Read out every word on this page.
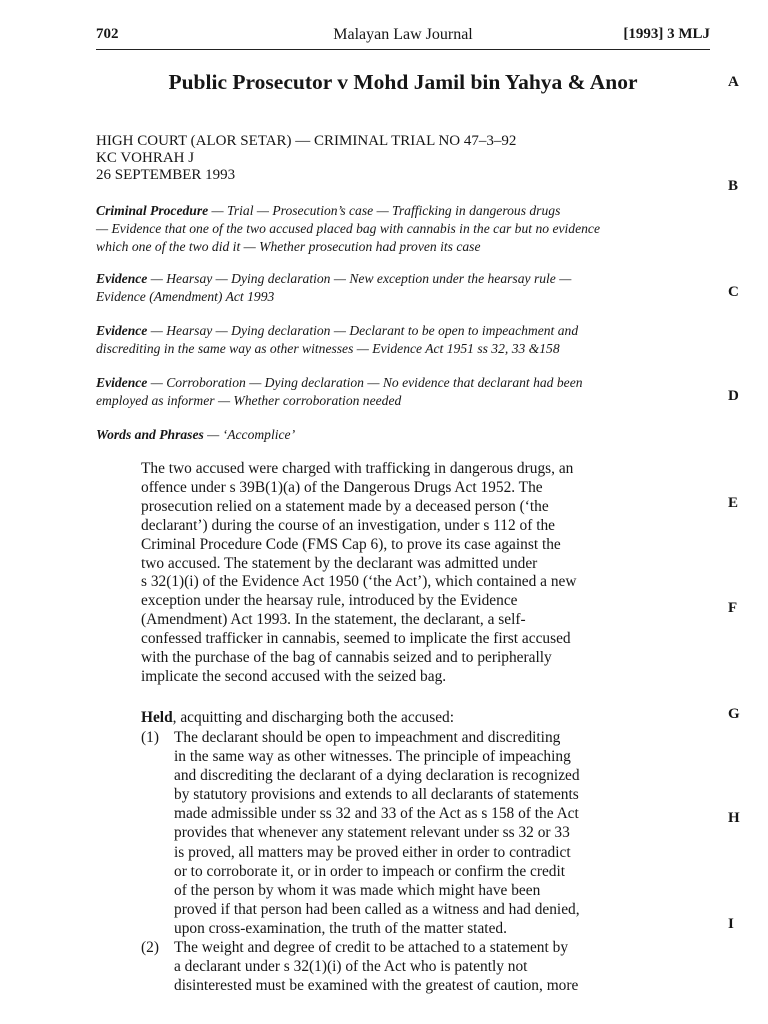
702	Malayan Law Journal	[1993] 3 MLJ
Public Prosecutor v Mohd Jamil bin Yahya & Anor
HIGH COURT (ALOR SETAR) — CRIMINAL TRIAL NO 47–3–92
KC VOHRAH J
26 SEPTEMBER 1993
Criminal Procedure — Trial — Prosecution’s case — Trafficking in dangerous drugs
— Evidence that one of the two accused placed bag with cannabis in the car but no evidence
which one of the two did it — Whether prosecution had proven its case
Evidence — Hearsay — Dying declaration — New exception under the hearsay rule —
Evidence (Amendment) Act 1993
Evidence — Hearsay — Dying declaration — Declarant to be open to impeachment and
discrediting in the same way as other witnesses — Evidence Act 1951 ss 32, 33 &158
Evidence — Corroboration — Dying declaration — No evidence that declarant had been
employed as informer — Whether corroboration needed
Words and Phrases — ‘Accomplice’
The two accused were charged with trafficking in dangerous drugs, an
offence under s 39B(1)(a) of the Dangerous Drugs Act 1952. The
prosecution relied on a statement made by a deceased person (‘the
declarant’) during the course of an investigation, under s 112 of the
Criminal Procedure Code (FMS Cap 6), to prove its case against the
two accused. The statement by the declarant was admitted under
s 32(1)(i) of the Evidence Act 1950 (‘the Act’), which contained a new
exception under the hearsay rule, introduced by the Evidence
(Amendment) Act 1993. In the statement, the declarant, a self-
confessed trafficker in cannabis, seemed to implicate the first accused
with the purchase of the bag of cannabis seized and to peripherally
implicate the second accused with the seized bag.
Held, acquitting and discharging both the accused:
(1) The declarant should be open to impeachment and discrediting
in the same way as other witnesses. The principle of impeaching
and discrediting the declarant of a dying declaration is recognized
by statutory provisions and extends to all declarants of statements
made admissible under ss 32 and 33 of the Act as s 158 of the Act
provides that whenever any statement relevant under ss 32 or 33
is proved, all matters may be proved either in order to contradict
or to corroborate it, or in order to impeach or confirm the credit
of the person by whom it was made which might have been
proved if that person had been called as a witness and had denied,
upon cross-examination, the truth of the matter stated.
(2) The weight and degree of credit to be attached to a statement by
a declarant under s 32(1)(i) of the Act who is patently not
disinterested must be examined with the greatest of caution, more
A
B
C
D
E
F
G
H
I
